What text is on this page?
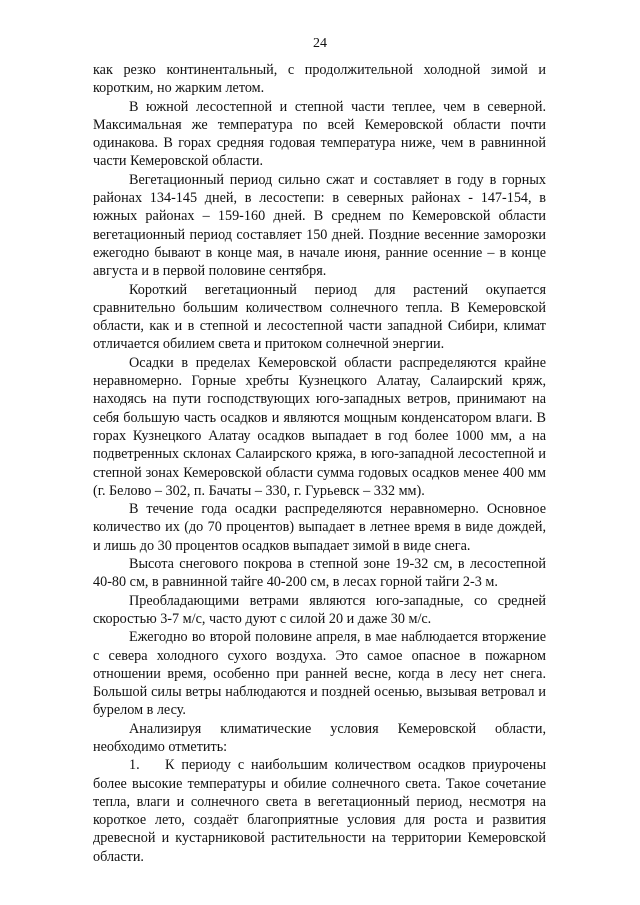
24

как резко континентальный, с продолжительной холодной зимой и коротким, но жарким летом.

В южной лесостепной и степной части теплее, чем в северной. Максимальная же температура по всей Кемеровской области почти одинакова. В горах средняя годовая температура ниже, чем в равнинной части Кемеровской области.

Вегетационный период сильно сжат и составляет в году в горных районах 134-145 дней, в лесостепи: в северных районах - 147-154, в южных районах – 159-160 дней. В среднем по Кемеровской области вегетационный период составляет 150 дней. Поздние весенние заморозки ежегодно бывают в конце мая, в начале июня, ранние осенние – в конце августа и в первой половине сентября.

Короткий вегетационный период для растений окупается сравнительно большим количеством солнечного тепла. В Кемеровской области, как и в степной и лесостепной части западной Сибири, климат отличается обилием света и притоком солнечной энергии.

Осадки в пределах Кемеровской области распределяются крайне неравномерно. Горные хребты Кузнецкого Алатау, Салаирский кряж, находясь на пути господствующих юго-западных ветров, принимают на себя большую часть осадков и являются мощным конденсатором влаги. В горах Кузнецкого Алатау осадков выпадает в год более 1000 мм, а на подветренных склонах Салаирского кряжа, в юго-западной лесостепной и степной зонах Кемеровской области сумма годовых осадков менее 400 мм (г. Белово – 302, п. Бачаты – 330, г. Гурьевск – 332 мм).

В течение года осадки распределяются неравномерно. Основное количество их (до 70 процентов) выпадает в летнее время в виде дождей, и лишь до 30 процентов осадков выпадает зимой в виде снега.

Высота снегового покрова в степной зоне 19-32 см, в лесостепной 40-80 см, в равнинной тайге 40-200 см, в лесах горной тайги 2-3 м.

Преобладающими ветрами являются юго-западные, со средней скоростью 3-7 м/с, часто дуют с силой 20 и даже 30 м/с.

Ежегодно во второй половине апреля, в мае наблюдается вторжение с севера холодного сухого воздуха. Это самое опасное в пожарном отношении время, особенно при ранней весне, когда в лесу нет снега. Большой силы ветры наблюдаются и поздней осенью, вызывая ветровал и бурелом в лесу.

Анализируя климатические условия Кемеровской области, необходимо отметить:

1. К периоду с наибольшим количеством осадков приурочены более высокие температуры и обилие солнечного света. Такое сочетание тепла, влаги и солнечного света в вегетационный период, несмотря на короткое лето, создаёт благоприятные условия для роста и развития древесной и кустарниковой растительности на территории Кемеровской области.
